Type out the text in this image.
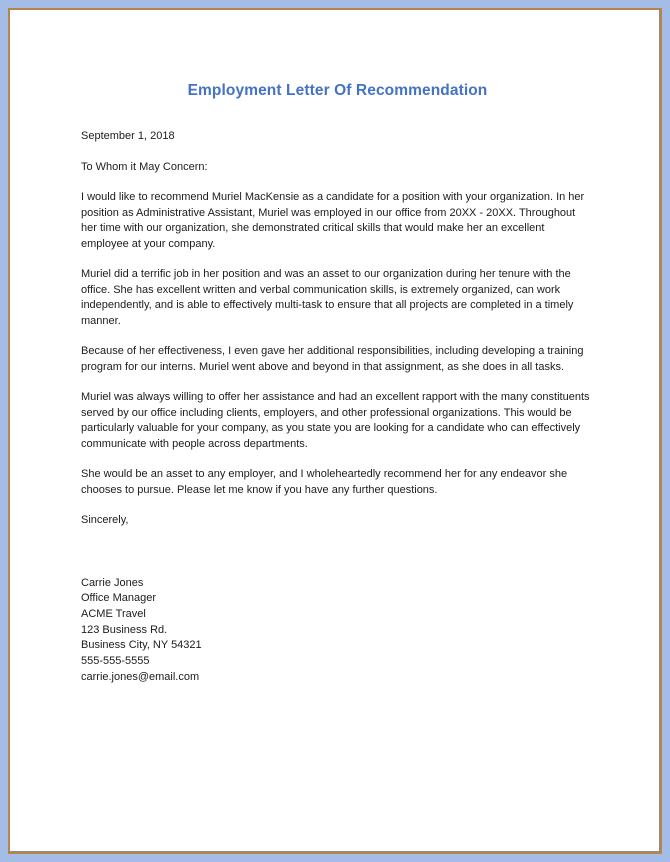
Employment Letter Of Recommendation
September 1, 2018
To Whom it May Concern:

I would like to recommend Muriel MacKensie as a candidate for a position with your organization. In her position as Administrative Assistant, Muriel was employed in our office from 20XX - 20XX. Throughout her time with our organization, she demonstrated critical skills that would make her an excellent employee at your company.

Muriel did a terrific job in her position and was an asset to our organization during her tenure with the office. She has excellent written and verbal communication skills, is extremely organized, can work independently, and is able to effectively multi-task to ensure that all projects are completed in a timely manner.

Because of her effectiveness, I even gave her additional responsibilities, including developing a training program for our interns. Muriel went above and beyond in that assignment, as she does in all tasks.

Muriel was always willing to offer her assistance and had an excellent rapport with the many constituents served by our office including clients, employers, and other professional organizations. This would be particularly valuable for your company, as you state you are looking for a candidate who can effectively communicate with people across departments.

She would be an asset to any employer, and I wholeheartedly recommend her for any endeavor she chooses to pursue. Please let me know if you have any further questions.

Sincerely,
Carrie Jones
Office Manager
ACME Travel
123 Business Rd.
Business City, NY 54321
555-555-5555
carrie.jones@email.com
